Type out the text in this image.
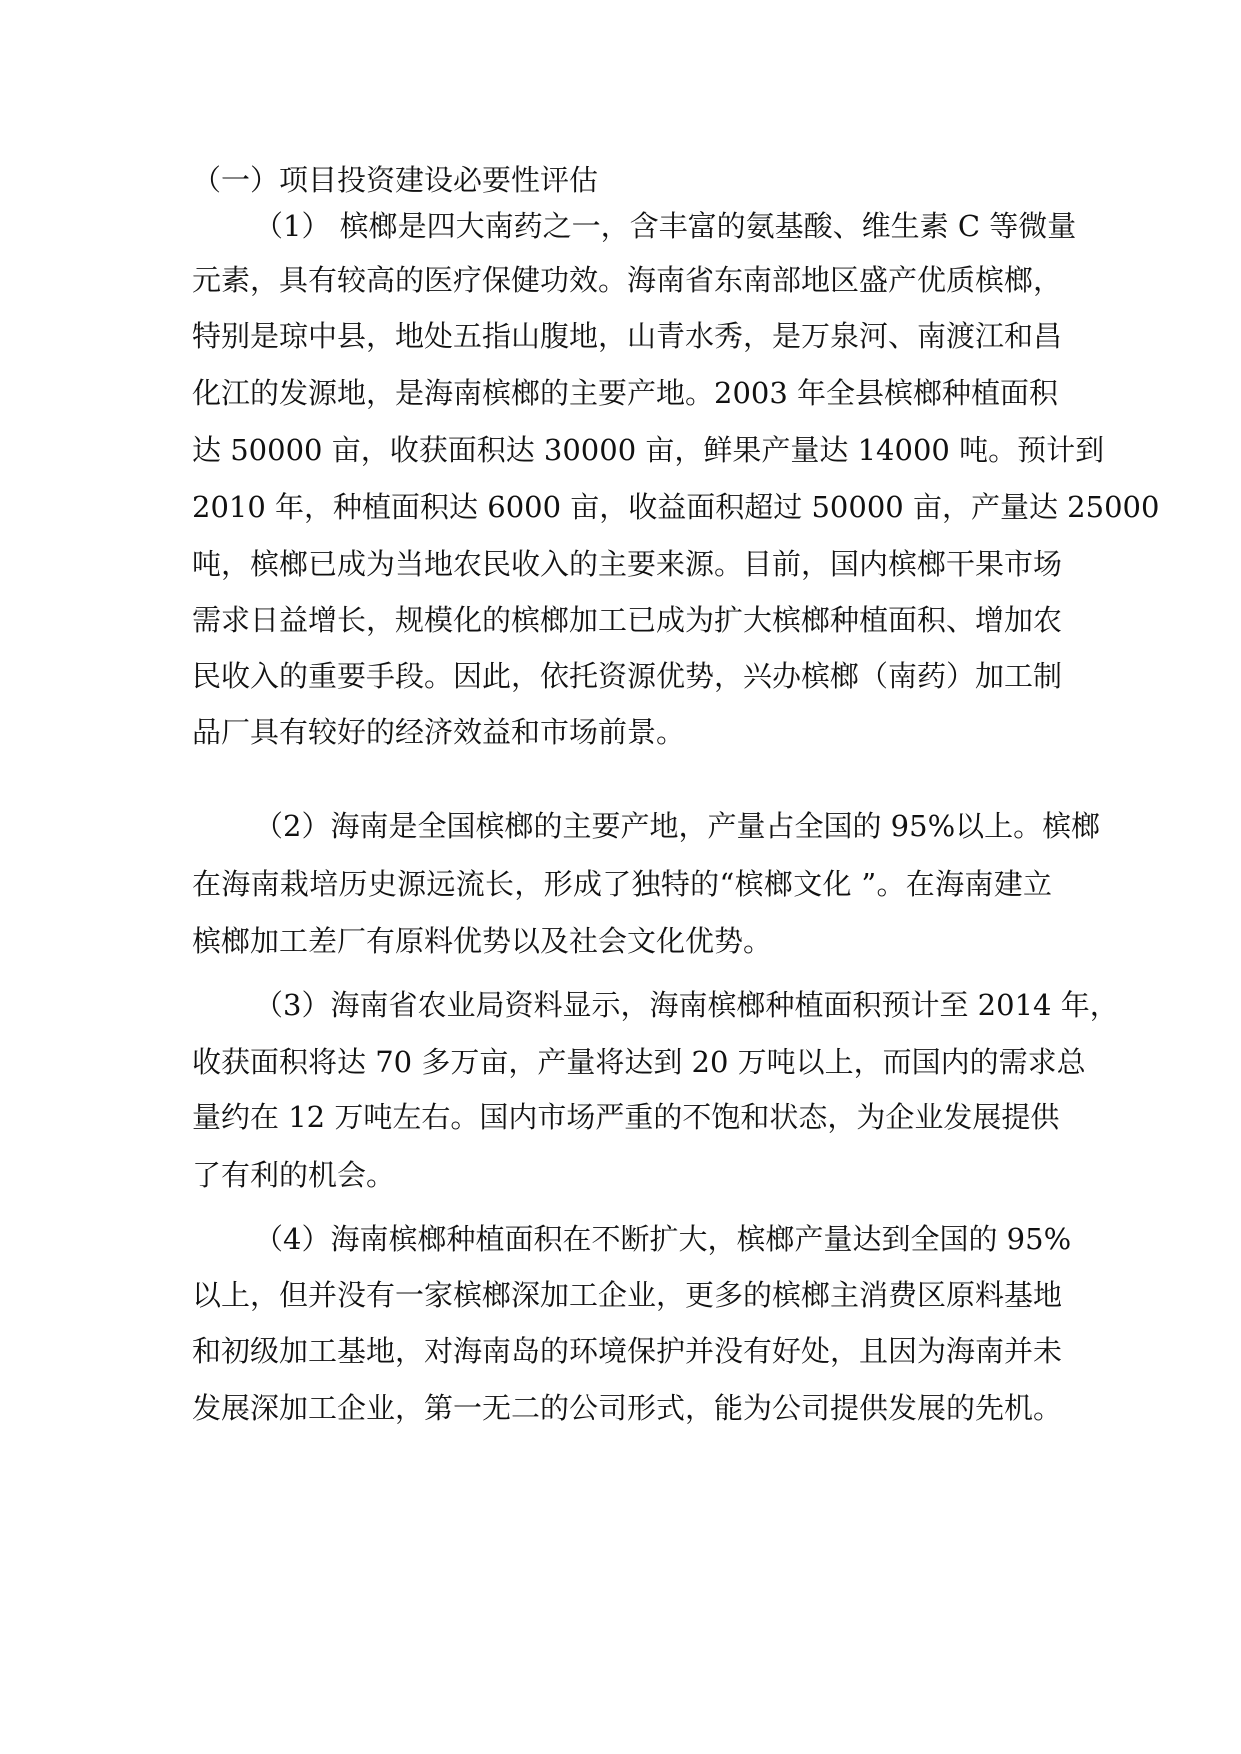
（一）项目投资建设必要性评估
（1） 槟榔是四大南药之一，含丰富的氨基酸、维生素 C 等微量
元素，具有较高的医疗保健功效。海南省东南部地区盛产优质槟榔，
特别是琼中县，地处五指山腹地，山青水秀，是万泉河、南渡江和昌
化江的发源地，是海南槟榔的主要产地。2003 年全县槟榔种植面积
达 50000 亩，收获面积达 30000 亩，鲜果产量达 14000 吨。预计到
2010 年，种植面积达 6000 亩，收益面积超过 50000 亩，产量达 25000
吨，槟榔已成为当地农民收入的主要来源。目前，国内槟榔干果市场
需求日益增长，规模化的槟榔加工已成为扩大槟榔种植面积、增加农
民收入的重要手段。因此，依托资源优势，兴办槟榔（南药）加工制
品厂具有较好的经济效益和市场前景。
（2）海南是全国槟榔的主要产地，产量占全国的 95%以上。槟榔
在海南栽培历史源远流长，形成了独特的“槟榔文化 ”。在海南建立
槟榔加工差厂有原料优势以及社会文化优势。
（3）海南省农业局资料显示，海南槟榔种植面积预计至 2014 年，
收获面积将达 70 多万亩，产量将达到 20 万吨以上，而国内的需求总
量约在 12 万吨左右。国内市场严重的不饱和状态，为企业发展提供
了有利的机会。
（4）海南槟榔种植面积在不断扩大，槟榔产量达到全国的 95%
以上，但并没有一家槟榔深加工企业，更多的槟榔主消费区原料基地
和初级加工基地，对海南岛的环境保护并没有好处，且因为海南并未
发展深加工企业，第一无二的公司形式，能为公司提供发展的先机。
